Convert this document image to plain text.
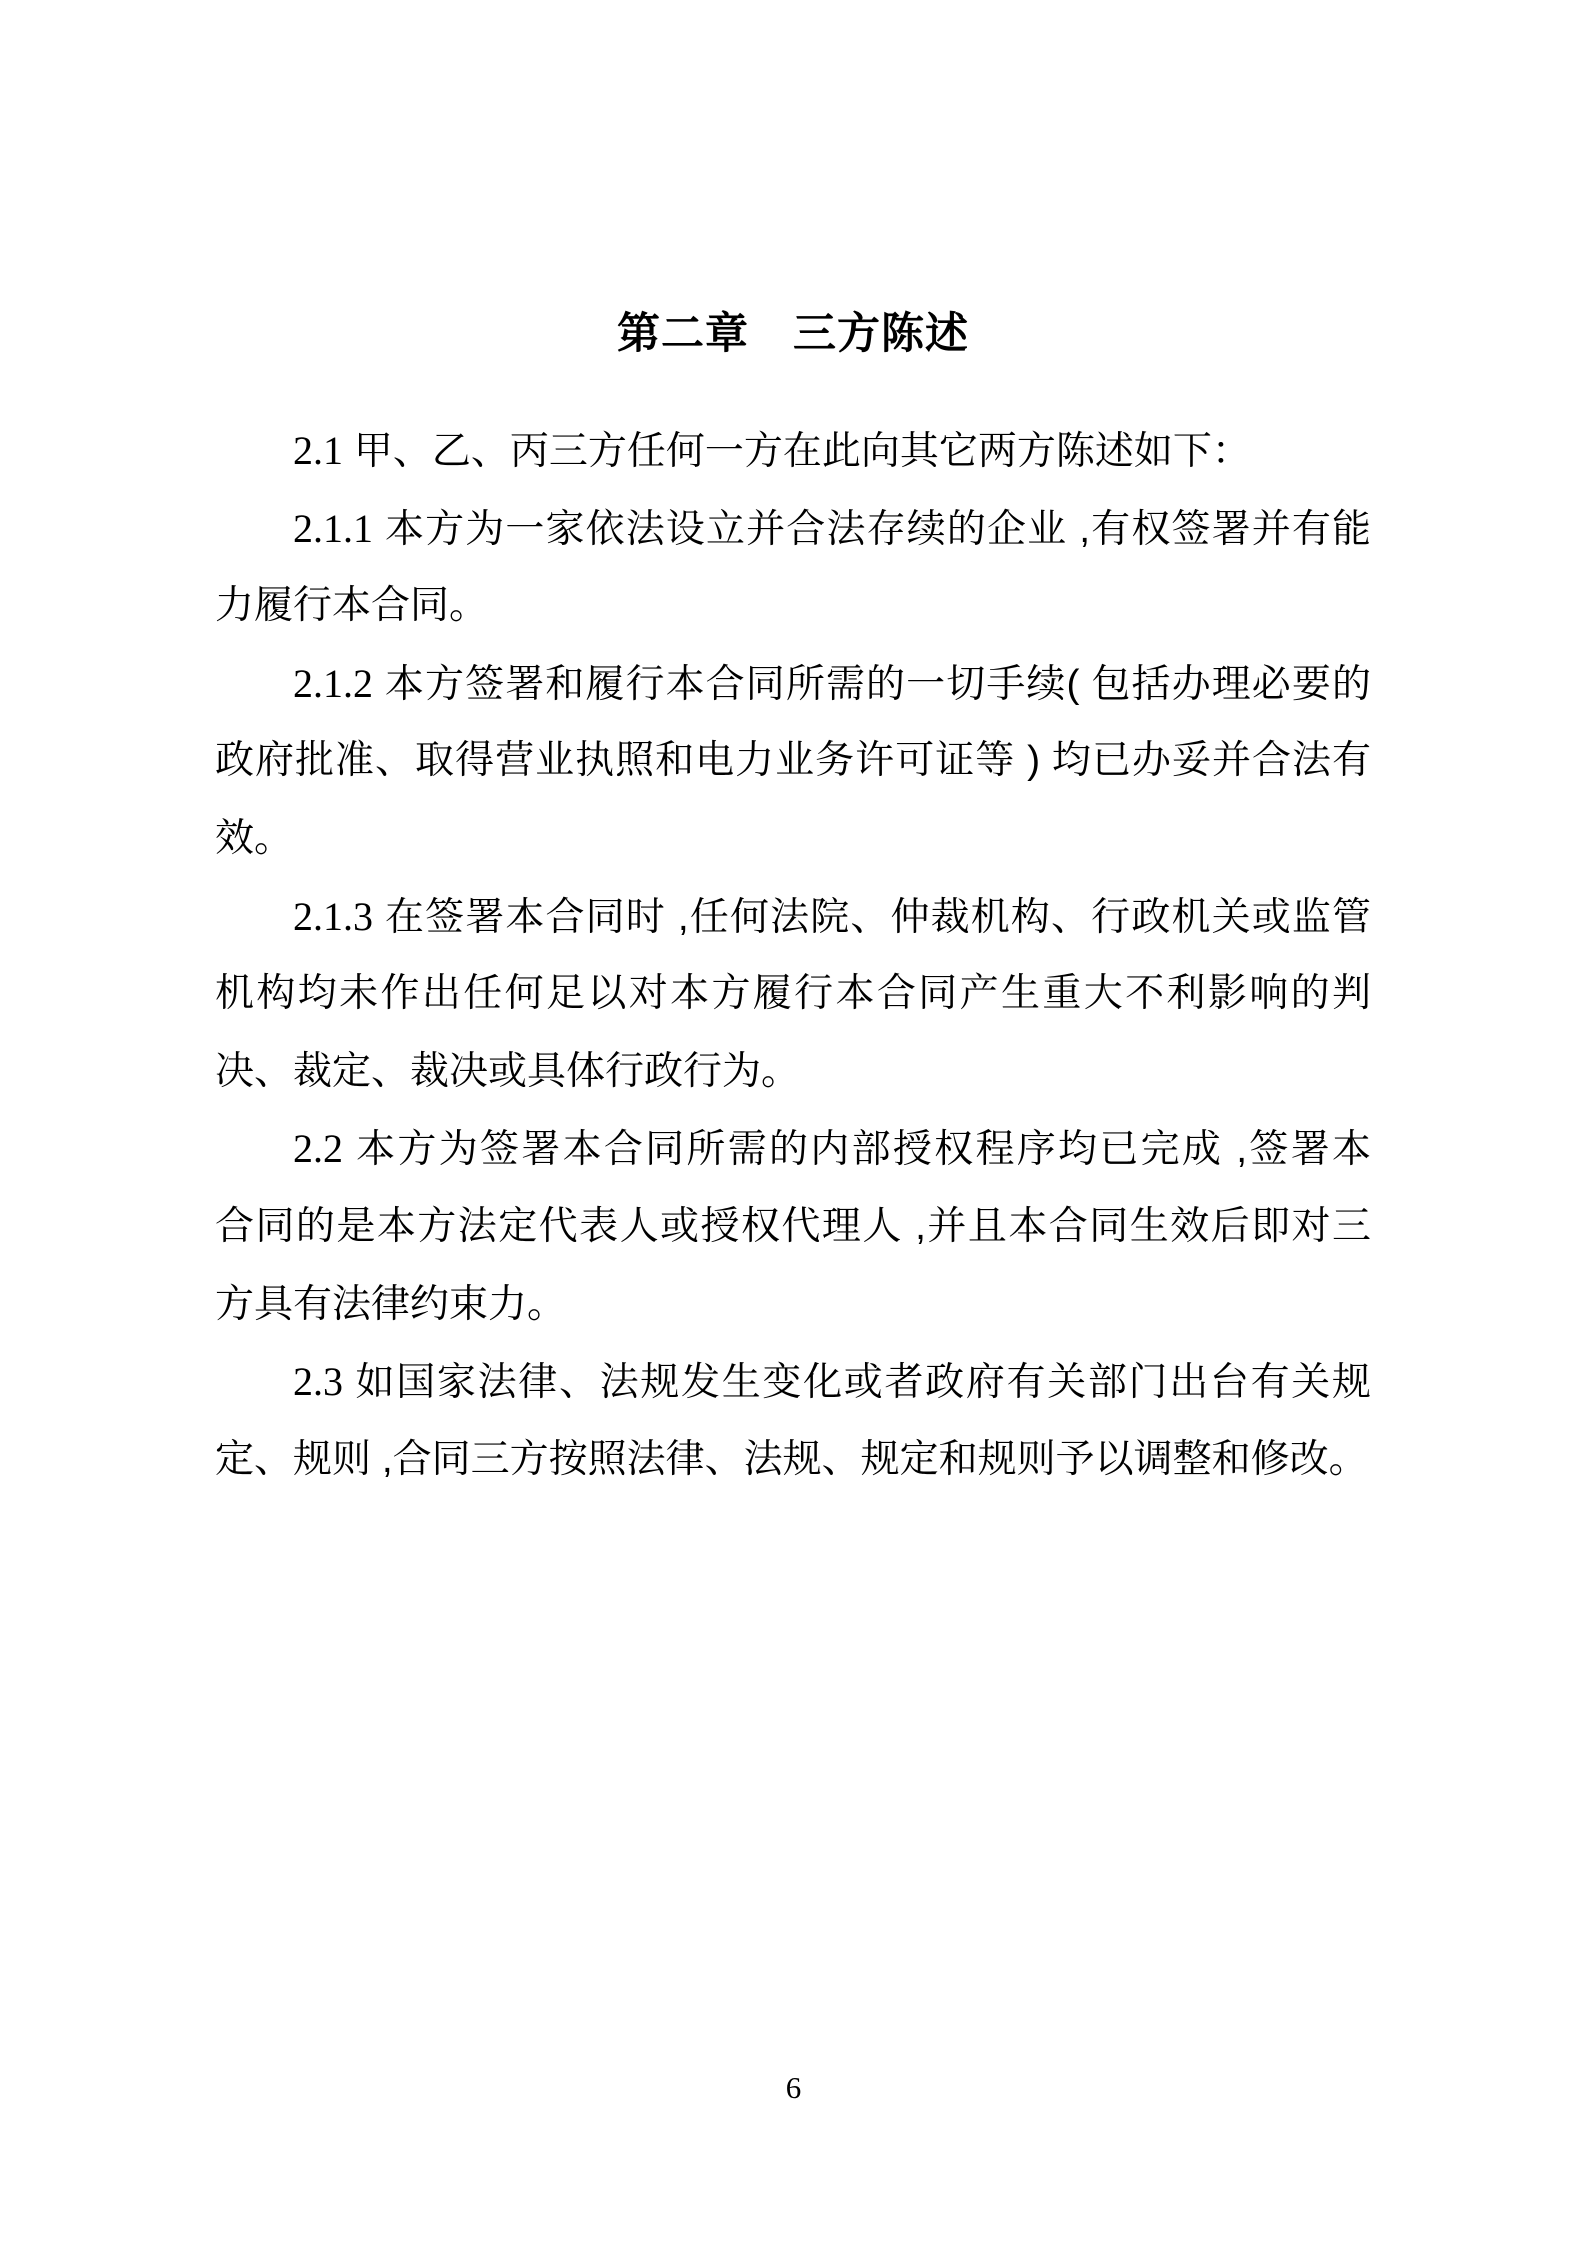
第二章　三方陈述
2.1 甲、乙、丙三方任何一方在此向其它两方陈述如下：
2.1.1 本方为一家依法设立并合法存续的企业 ,有权签署并有能
力履行本合同。
2.1.2 本方签署和履行本合同所需的一切手续( 包括办理必要的
政府批准、取得营业执照和电力业务许可证等 ) 均已办妥并合法有
效。
2.1.3 在签署本合同时 ,任何法院、仲裁机构、行政机关或监管
机构均未作出任何足以对本方履行本合同产生重大不利影响的判
决、裁定、裁决或具体行政行为。
2.2 本方为签署本合同所需的内部授权程序均已完成 ,签署本
合同的是本方法定代表人或授权代理人 ,并且本合同生效后即对三
方具有法律约束力。
2.3 如国家法律、法规发生变化或者政府有关部门出台有关规
定、规则 ,合同三方按照法律、法规、规定和规则予以调整和修改。
6
